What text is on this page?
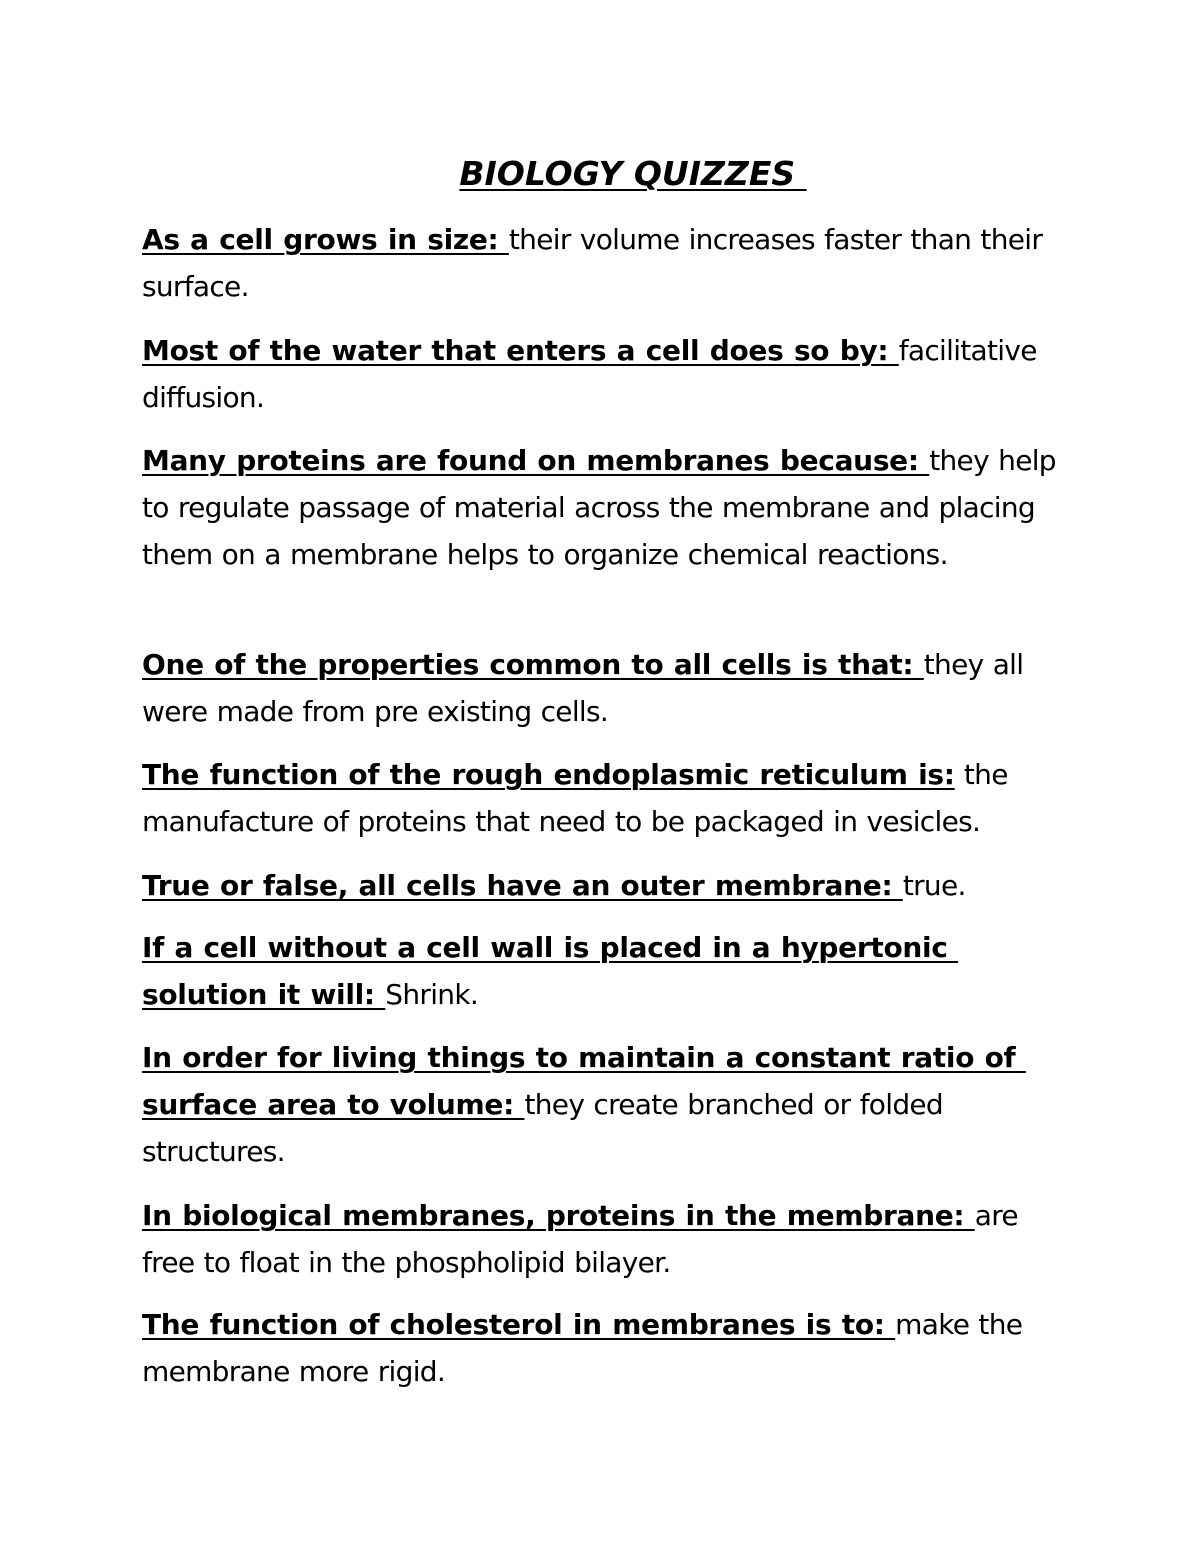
BIOLOGY QUIZZES

As a cell grows in size: their volume increases faster than their surface.

Most of the water that enters a cell does so by: facilitative diffusion.

Many proteins are found on membranes because: they help to regulate passage of material across the membrane and placing them on a membrane helps to organize chemical reactions.

One of the properties common to all cells is that: they all were made from pre existing cells.

The function of the rough endoplasmic reticulum is: the manufacture of proteins that need to be packaged in vesicles.

True or false, all cells have an outer membrane: true.

If a cell without a cell wall is placed in a hypertonic solution it will: Shrink.

In order for living things to maintain a constant ratio of surface area to volume: they create branched or folded structures.

In biological membranes, proteins in the membrane: are free to float in the phospholipid bilayer.

The function of cholesterol in membranes is to: make the membrane more rigid.
